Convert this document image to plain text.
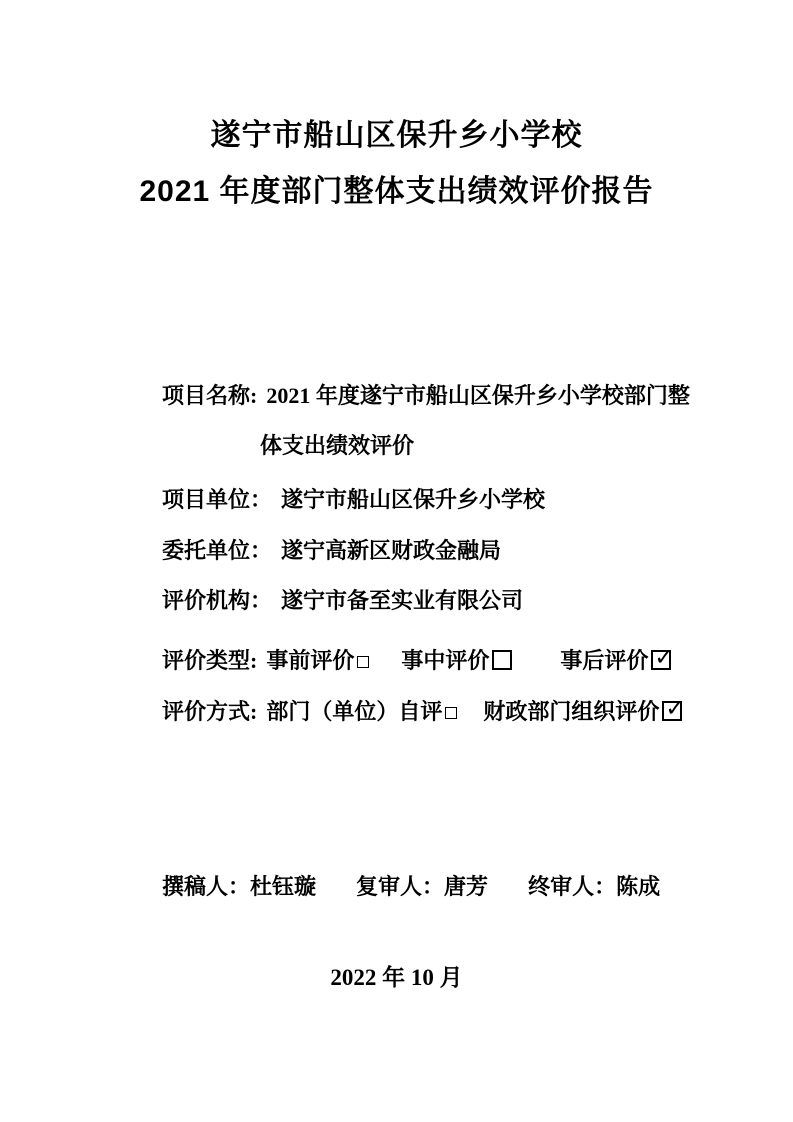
遂宁市船山区保升乡小学校
2021 年度部门整体支出绩效评价报告
项目名称: 2021 年度遂宁市船山区保升乡小学校部门整
体支出绩效评价
项目单位： 遂宁市船山区保升乡小学校
委托单位： 遂宁高新区财政金融局
评价机构： 遂宁市备至实业有限公司
评价类型: 事前评价 事中评价	事后评价✓
评价方式: 部门（单位）自评 财政部门组织评价✓
撰稿人：杜钰璇 复审人：唐芳 终审人：陈成
2022 年 10 月
